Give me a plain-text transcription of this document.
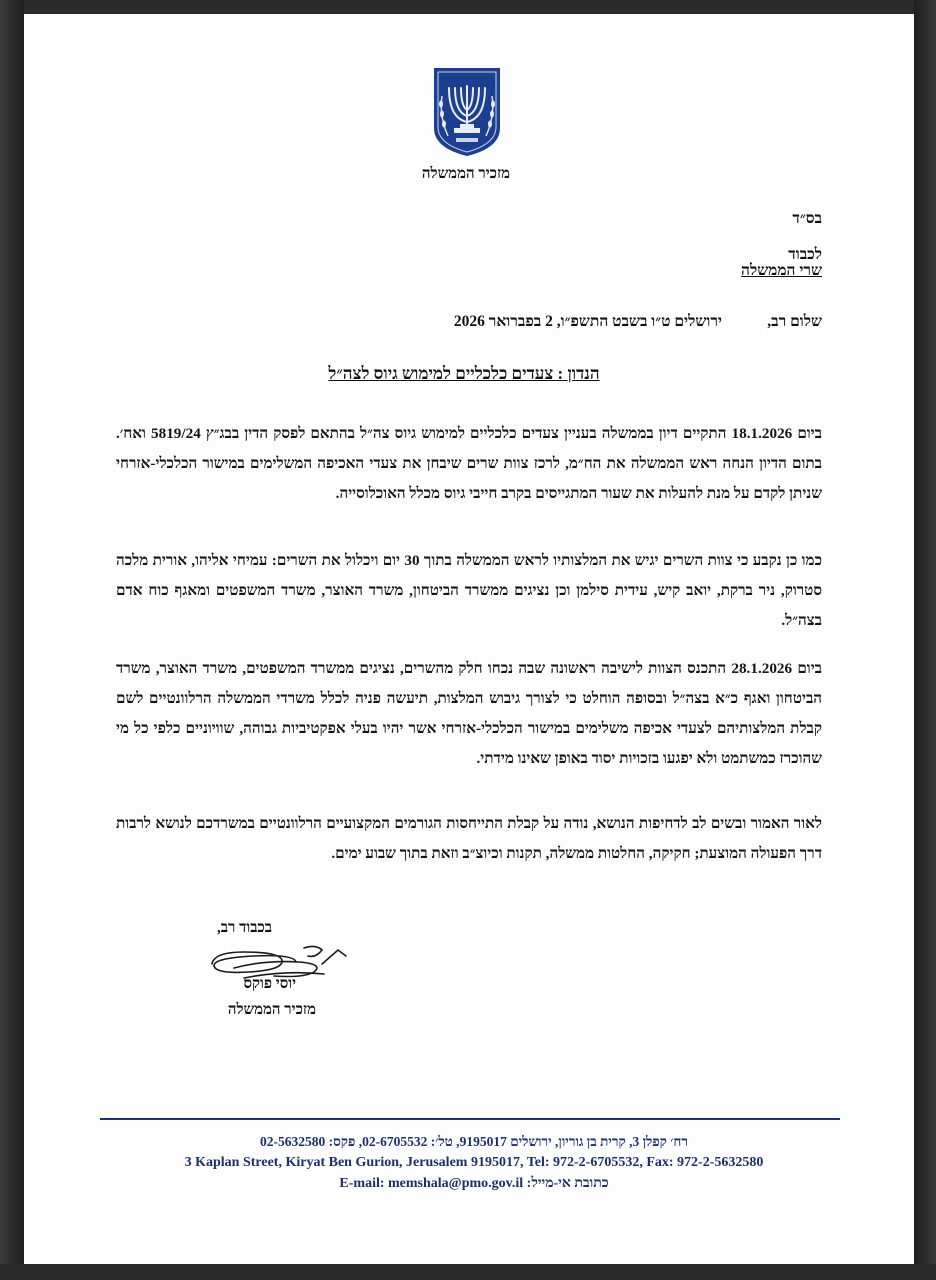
מזכיר הממשלה
בס״ד
לכבוד
שרי הממשלה
שלום רב,
ירושלים ט״ו בשבט התשפ״ו, 2 בפברואר 2026
הנדון : צעדים כלכליים למימוש גיוס לצה״ל
ביום 18.1.2026 התקיים דיון בממשלה בעניין צעדים כלכליים למימוש גיוס צה״ל בהתאם לפסק הדין בבג״ץ 5819/24 ואח׳. בתום הדיון הנחה ראש הממשלה את הח״מ, לרכז צוות שרים שיבחן את צעדי האכיפה המשלימים במישור הכלכלי-אזרחי שניתן לקדם על מנת להעלות את שעור המתגייסים בקרב חייבי גיוס מכלל האוכלוסייה.
כמו כן נקבע כי צוות השרים יגיש את המלצותיו לראש הממשלה בתוך 30 יום ויכלול את השרים: עמיחי אליהו, אורית מלכה סטרוק, ניר ברקת, יואב קיש, עידית סילמן וכן נציגים ממשרד הביטחון, משרד האוצר, משרד המשפטים ומאגף כוח אדם בצה״ל.
ביום 28.1.2026 התכנס הצוות לישיבה ראשונה שבה נכחו חלק מהשרים, נציגים ממשרד המשפטים, משרד האוצר, משרד הביטחון ואגף כ״א בצה״ל ובסופה הוחלט כי לצורך גיבוש המלצות, תיעשה פניה לכלל משרדי הממשלה הרלוונטיים לשם קבלת המלצותיהם לצעדי אכיפה משלימים במישור הכלכלי-אזרחי אשר יהיו בעלי אפקטיביות גבוהה, שוויוניים כלפי כל מי שהוכרז כמשתמט ולא יפגעו בזכויות יסוד באופן שאינו מידתי.
לאור האמור ובשים לב לדחיפות הנושא, נודה על קבלת התייחסות הגורמים המקצועיים הרלוונטיים במשרדכם לנושא לרבות דרך הפעולה המוצעת; חקיקה, החלטות ממשלה, תקנות וכיוצ״ב וזאת בתוך שבוע ימים.
בכבוד רב,
יוסי פוקס
מזכיר הממשלה
רח׳ קפלן 3, קרית בן גוריון, ירושלים 9195017, טל׳: 02-6705532, פקס: 02-5632580
3 Kaplan Street, Kiryat Ben Gurion, Jerusalem 9195017, Tel: 972-2-6705532, Fax: 972-2-5632580
E-mail: memshala@pmo.gov.il כתובת אי-מייל:
